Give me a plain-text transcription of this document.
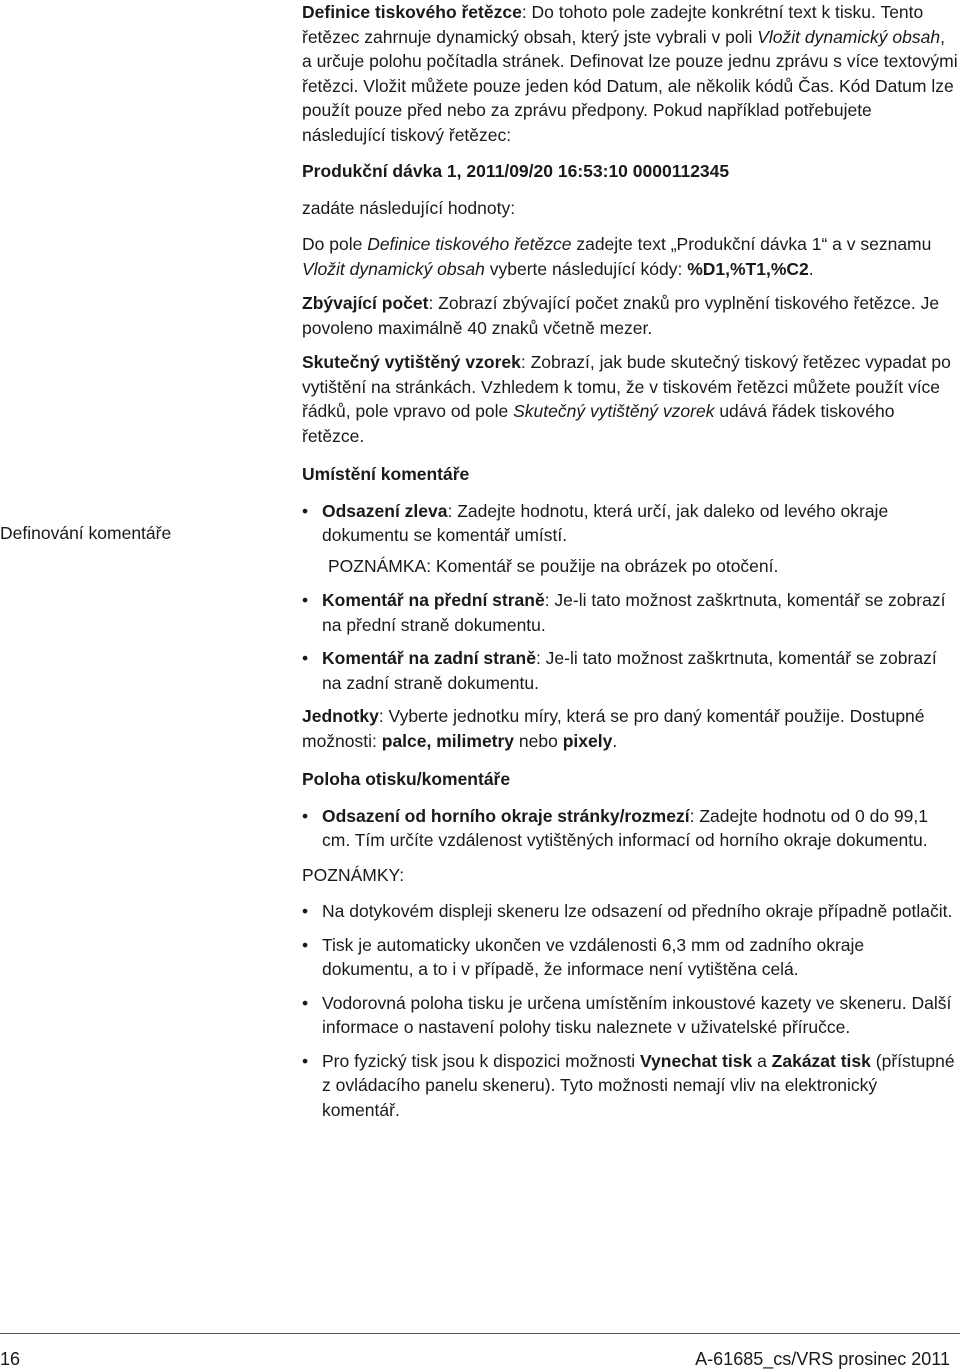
Definice tiskového řetězce: Do tohoto pole zadejte konkrétní text k tisku. Tento řetězec zahrnuje dynamický obsah, který jste vybrali v poli Vložit dynamický obsah, a určuje polohu počítadla stránek. Definovat lze pouze jednu zprávu s více textovými řetězci. Vložit můžete pouze jeden kód Datum, ale několik kódů Čas. Kód Datum lze použít pouze před nebo za zprávu předpony. Pokud například potřebujete následující tiskový řetězec:

Produkční dávka 1, 2011/09/20 16:53:10 0000112345

zadáte následující hodnoty:

Do pole Definice tiskového řetězce zadejte text „Produkční dávka 1“ a v seznamu Vložit dynamický obsah vyberte následující kódy: %D1,%T1,%C2.

Zbývající počet: Zobrazí zbývající počet znaků pro vyplnění tiskového řetězce. Je povoleno maximálně 40 znaků včetně mezer.

Skutečný vytištěný vzorek: Zobrazí, jak bude skutečný tiskový řetězec vypadat po vytištění na stránkách. Vzhledem k tomu, že v tiskovém řetězci můžete použít více řádků, pole vpravo od pole Skutečný vytištěný vzorek udává řádek tiskového řetězce.

Umístění komentáře

• Odsazení zleva: Zadejte hodnotu, která určí, jak daleko od levého okraje dokumentu se komentář umístí.

POZNÁMKA: Komentář se použije na obrázek po otočení.

• Komentář na přední straně: Je-li tato možnost zaškrtnuta, komentář se zobrazí na přední straně dokumentu.
• Komentář na zadní straně: Je-li tato možnost zaškrtnuta, komentář se zobrazí na zadní straně dokumentu.

Jednotky: Vyberte jednotku míry, která se pro daný komentář použije. Dostupné možnosti: palce, milimetry nebo pixely.

Poloha otisku/komentáře

• Odsazení od horního okraje stránky/rozmezí: Zadejte hodnotu od 0 do 99,1 cm. Tím určíte vzdálenost vytištěných informací od horního okraje dokumentu.

POZNÁMKY:

• Na dotykovém displeji skeneru lze odsazení od předního okraje případně potlačit.
• Tisk je automaticky ukončen ve vzdálenosti 6,3 mm od zadního okraje dokumentu, a to i v případě, že informace není vytištěna celá.
• Vodorovná poloha tisku je určena umístěním inkoustové kazety ve skeneru. Další informace o nastavení polohy tisku naleznete v uživatelské příručce.
• Pro fyzický tisk jsou k dispozici možnosti Vynechat tisk a Zakázat tisk (přístupné z ovládacího panelu skeneru). Tyto možnosti nemají vliv na elektronický komentář.
Definování komentáře
16	A-61685_cs/VRS prosinec 2011
